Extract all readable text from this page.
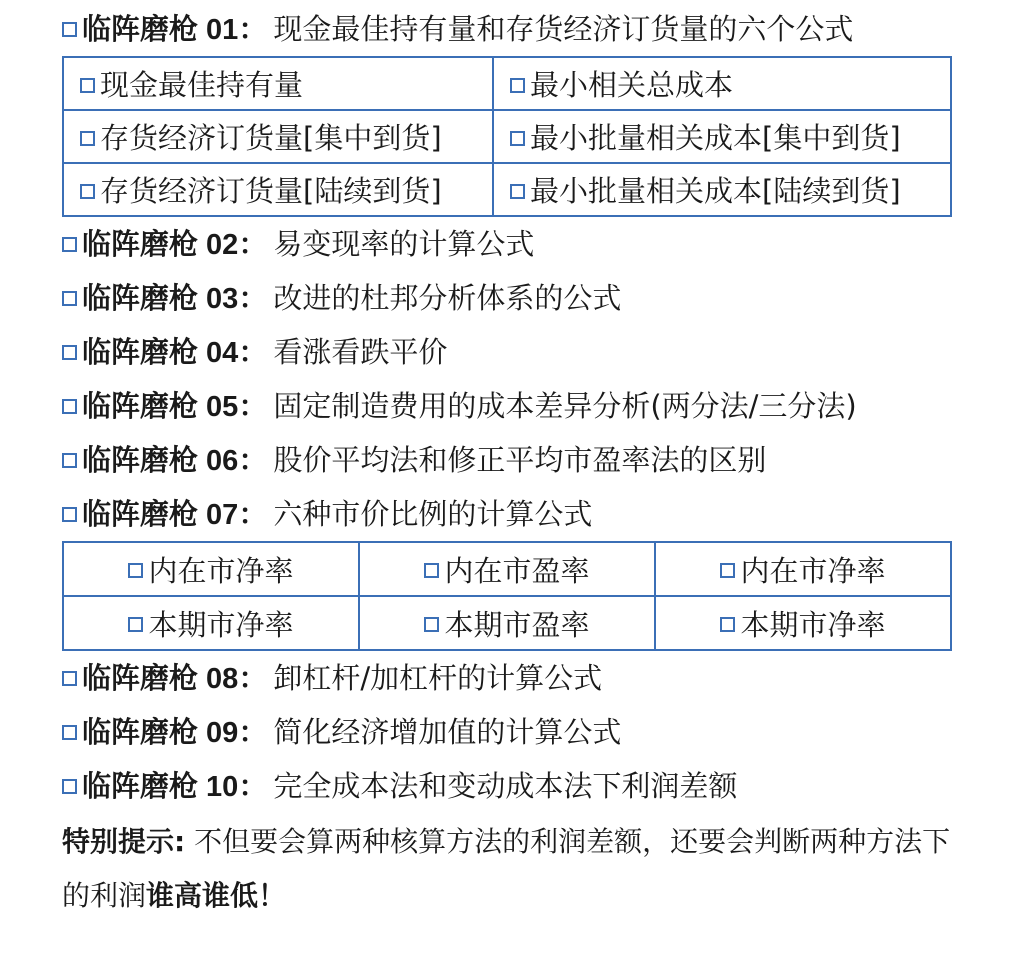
临阵磨枪 01： 现金最佳持有量和存货经济订货量的六个公式
现金最佳持有量	最小相关总成本
存货经济订货量[集中到货]	最小批量相关成本[集中到货]
存货经济订货量[陆续到货]	最小批量相关成本[陆续到货]
临阵磨枪 02： 易变现率的计算公式
临阵磨枪 03： 改进的杜邦分析体系的公式
临阵磨枪 04： 看涨看跌平价
临阵磨枪 05： 固定制造费用的成本差异分析(两分法/三分法)
临阵磨枪 06： 股价平均法和修正平均市盈率法的区别
临阵磨枪 07： 六种市价比例的计算公式
内在市净率	内在市盈率	内在市净率
本期市净率	本期市盈率	本期市净率
临阵磨枪 08： 卸杠杆/加杠杆的计算公式
临阵磨枪 09： 简化经济增加值的计算公式
临阵磨枪 10： 完全成本法和变动成本法下利润差额
特别提示: 不但要会算两种核算方法的利润差额，还要会判断两种方法下的利润谁高谁低！
